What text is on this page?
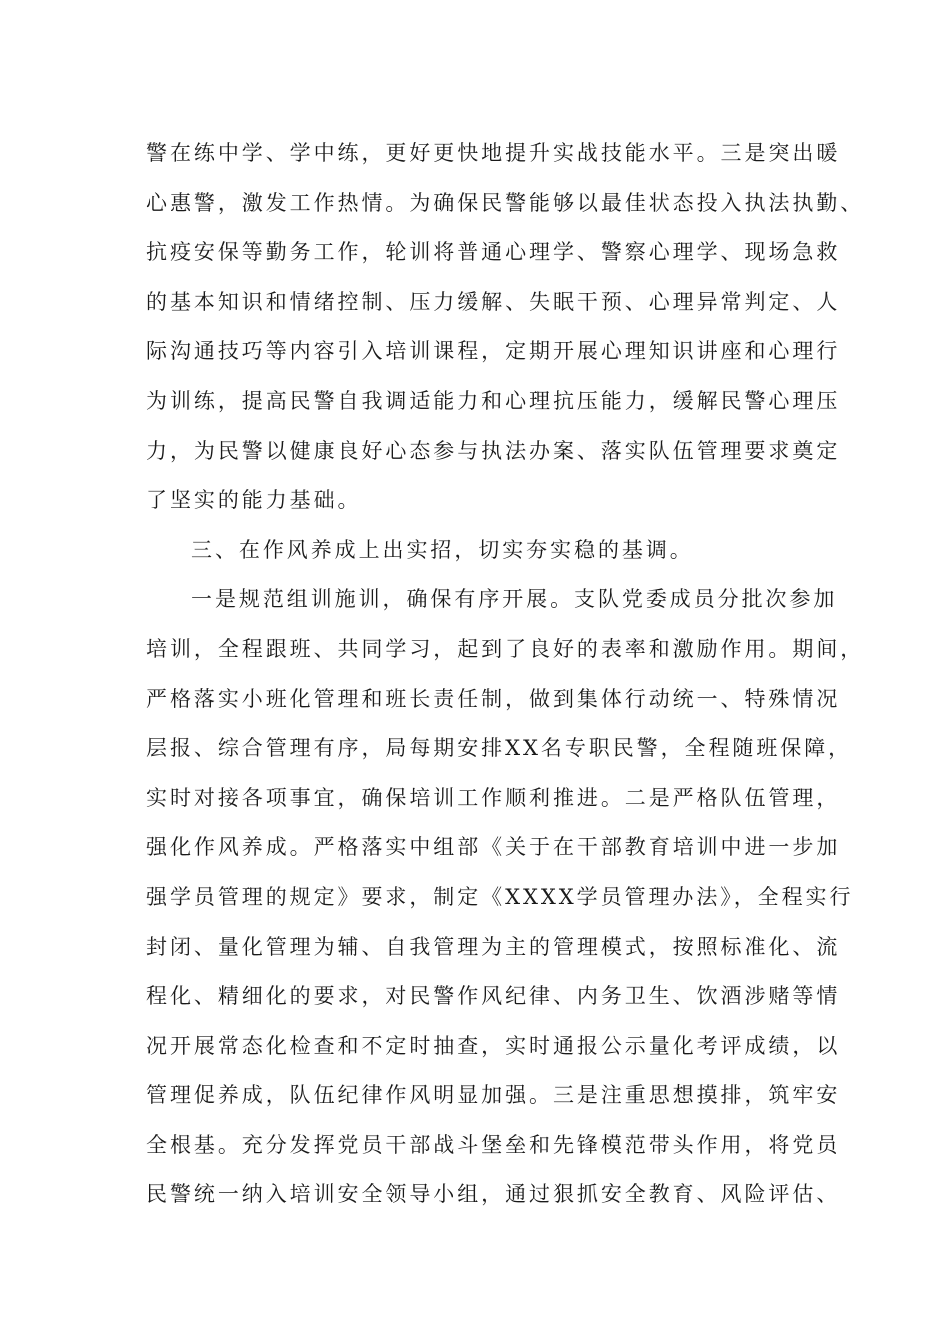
警在练中学、学中练，更好更快地提升实战技能水平。三是突出暖
心惠警，激发工作热情。为确保民警能够以最佳状态投入执法执勤、
抗疫安保等勤务工作，轮训将普通心理学、警察心理学、现场急救
的基本知识和情绪控制、压力缓解、失眠干预、心理异常判定、人
际沟通技巧等内容引入培训课程，定期开展心理知识讲座和心理行
为训练，提高民警自我调适能力和心理抗压能力，缓解民警心理压
力，为民警以健康良好心态参与执法办案、落实队伍管理要求奠定
了坚实的能力基础。
三、在作风养成上出实招，切实夯实稳的基调。
一是规范组训施训，确保有序开展。支队党委成员分批次参加
培训，全程跟班、共同学习，起到了良好的表率和激励作用。期间，
严格落实小班化管理和班长责任制，做到集体行动统一、特殊情况
层报、综合管理有序，局每期安排XX名专职民警，全程随班保障，
实时对接各项事宜，确保培训工作顺利推进。二是严格队伍管理，
强化作风养成。严格落实中组部《关于在干部教育培训中进一步加
强学员管理的规定》要求，制定《XXXX学员管理办法》，全程实行
封闭、量化管理为辅、自我管理为主的管理模式，按照标准化、流
程化、精细化的要求，对民警作风纪律、内务卫生、饮酒涉赌等情
况开展常态化检查和不定时抽查，实时通报公示量化考评成绩，以
管理促养成，队伍纪律作风明显加强。三是注重思想摸排，筑牢安
全根基。充分发挥党员干部战斗堡垒和先锋模范带头作用，将党员
民警统一纳入培训安全领导小组，通过狠抓安全教育、风险评估、
